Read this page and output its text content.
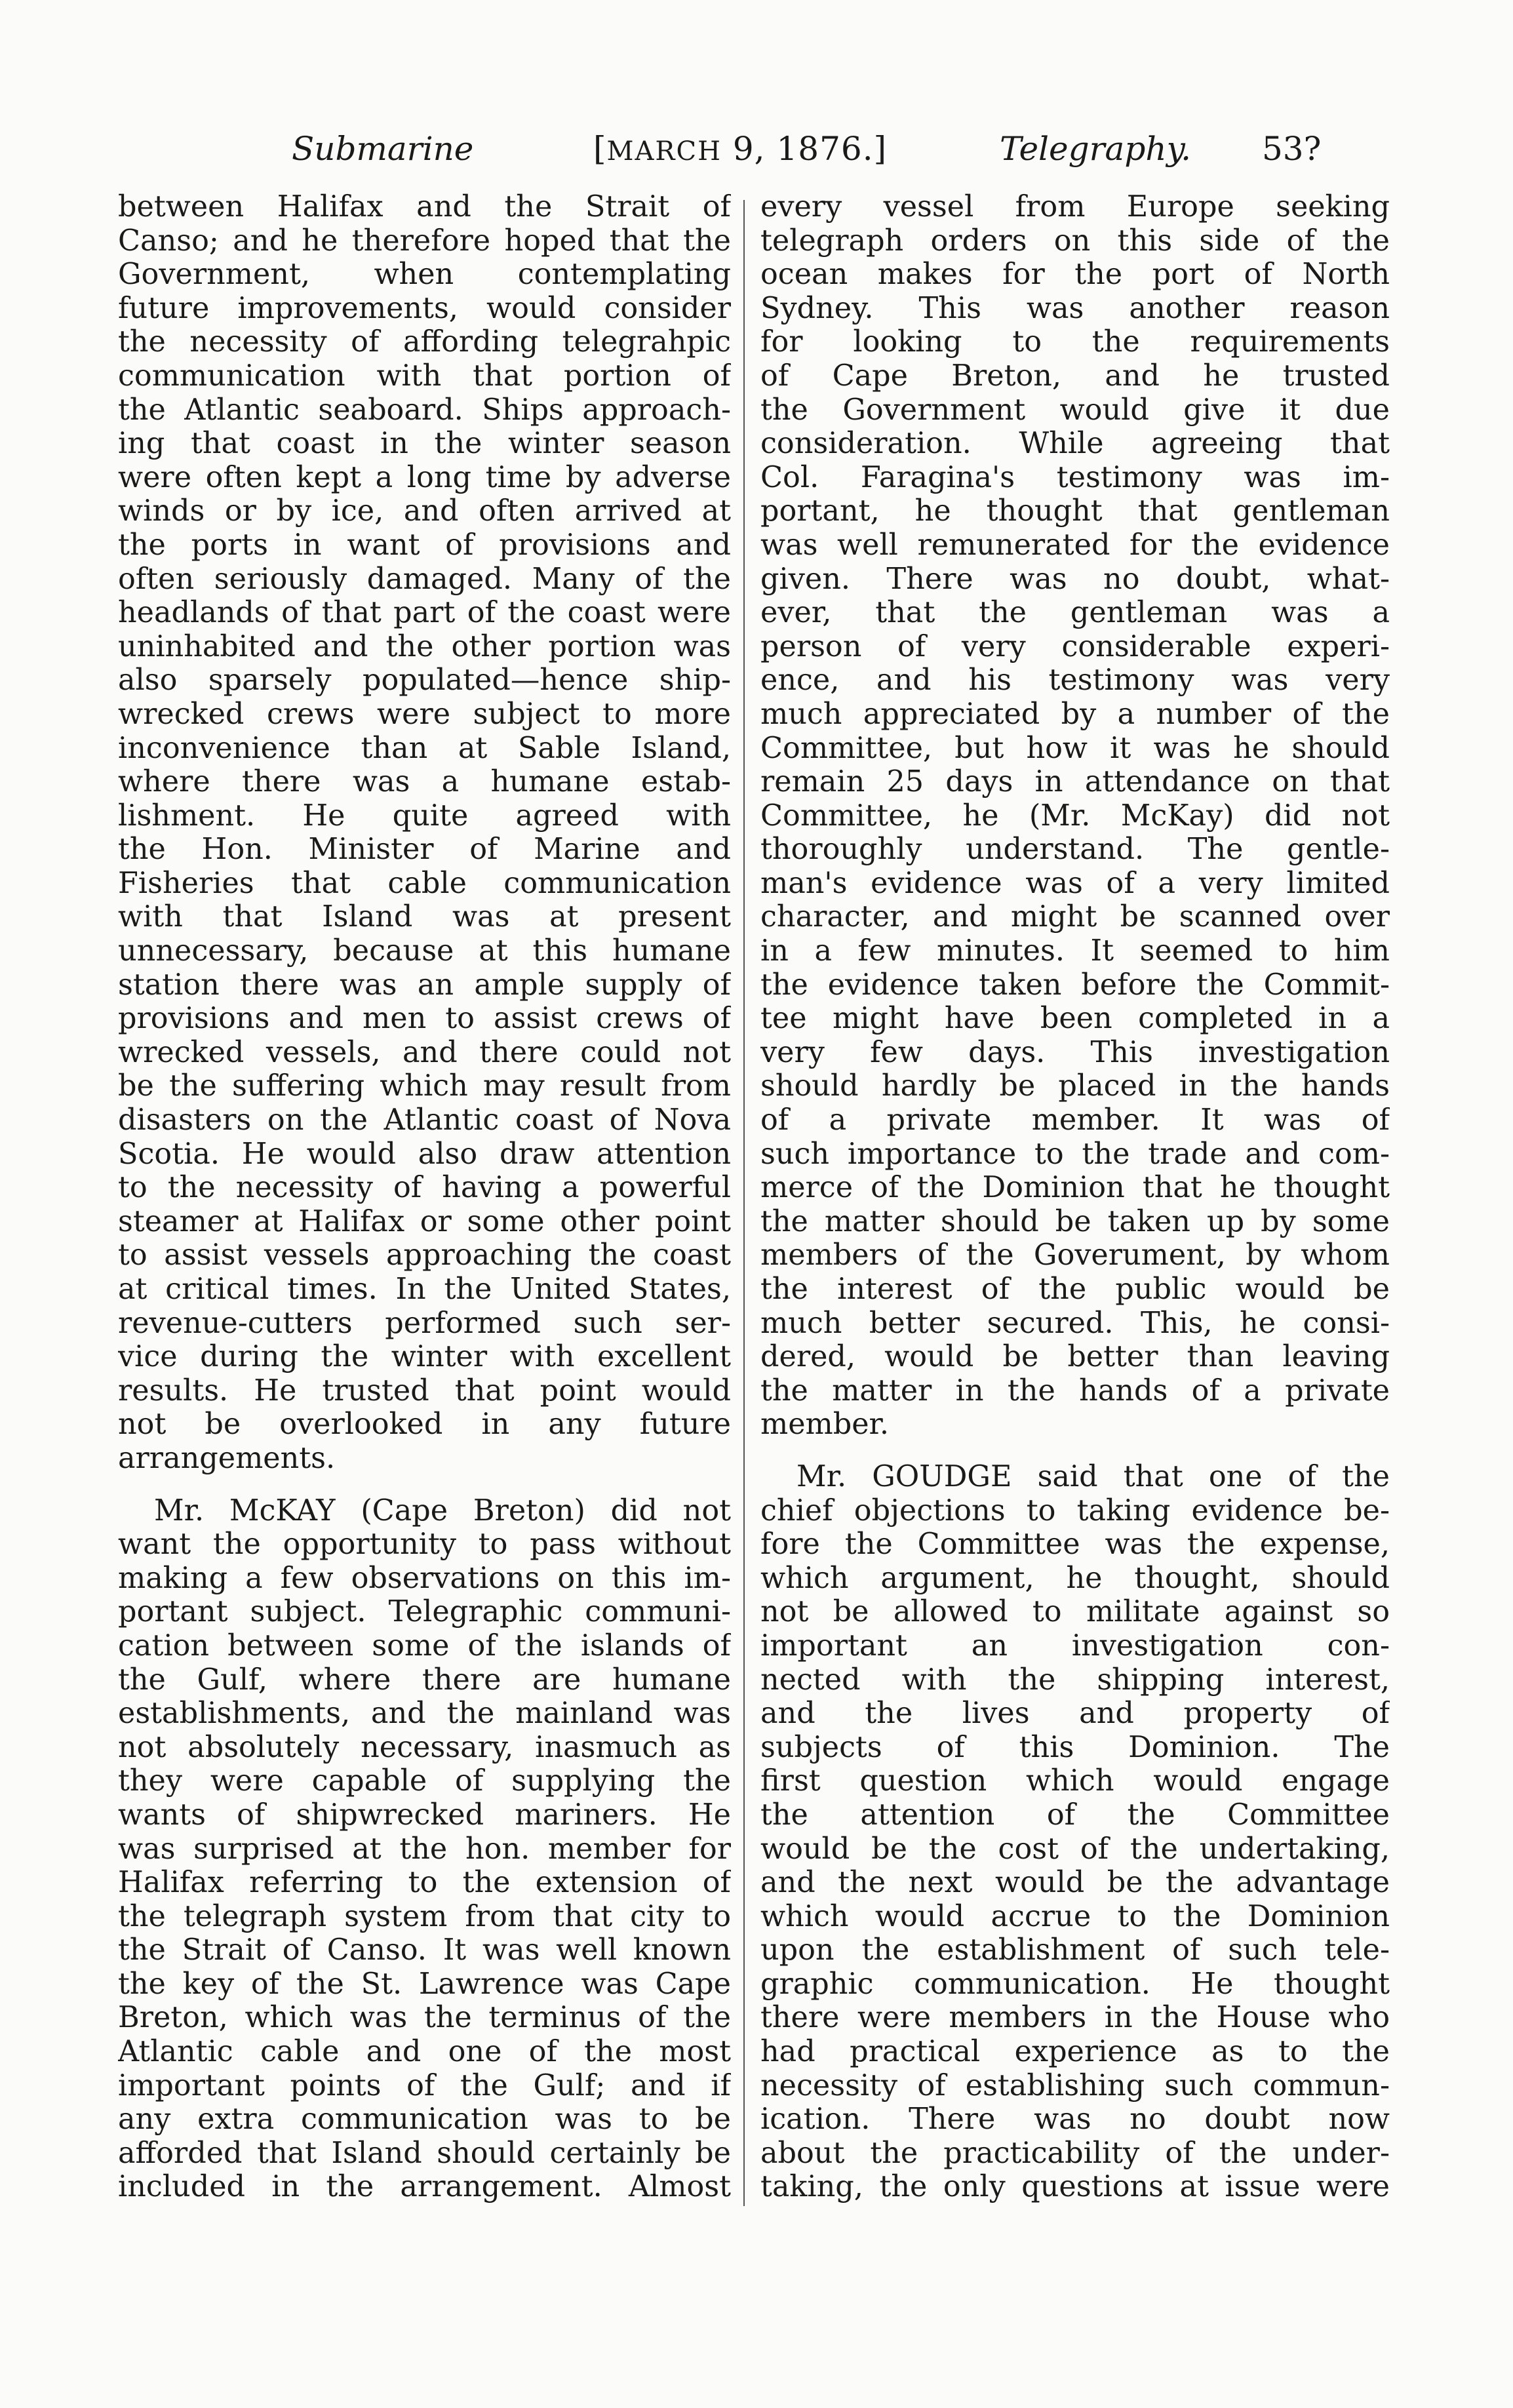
Submarine	[MARCH 9, 1876.]	Telegraphy. 53?
between Halifax and the Strait of
Canso; and he therefore hoped that the
Government, when contemplating
future improvements, would consider
the necessity of affording telegrahpic
communication with that portion of
the Atlantic seaboard. Ships approach-
ing that coast in the winter season
were often kept a long time by adverse
winds or by ice, and often arrived at
the ports in want of provisions and
often seriously damaged. Many of the
headlands of that part of the coast were
uninhabited and the other portion was
also sparsely populated—hence ship-
wrecked crews were subject to more
inconvenience than at Sable Island,
where there was a humane estab-
lishment. He quite agreed with
the Hon. Minister of Marine and
Fisheries that cable communication
with that Island was at present
unnecessary, because at this humane
station there was an ample supply of
provisions and men to assist crews of
wrecked vessels, and there could not
be the suffering which may result from
disasters on the Atlantic coast of Nova
Scotia. He would also draw attention
to the necessity of having a powerful
steamer at Halifax or some other point
to assist vessels approaching the coast
at critical times. In the United States,
revenue-cutters performed such ser-
vice during the winter with excellent
results. He trusted that point would
not be overlooked in any future
arrangements.
Mr. McKAY (Cape Breton) did not
want the opportunity to pass without
making a few observations on this im-
portant subject. Telegraphic communi-
cation between some of the islands of
the Gulf, where there are humane
establishments, and the mainland was
not absolutely necessary, inasmuch as
they were capable of supplying the
wants of shipwrecked mariners. He
was surprised at the hon. member for
Halifax referring to the extension of
the telegraph system from that city to
the Strait of Canso. It was well known
the key of the St. Lawrence was Cape
Breton, which was the terminus of the
Atlantic cable and one of the most
important points of the Gulf; and if
any extra communication was to be
afforded that Island should certainly be
included in the arrangement. Almost
every vessel from Europe seeking
telegraph orders on this side of the
ocean makes for the port of North
Sydney. This was another reason
for looking to the requirements
of Cape Breton, and he trusted
the Government would give it due
consideration. While agreeing that
Col. Faragina's testimony was im-
portant, he thought that gentleman
was well remunerated for the evidence
given. There was no doubt, what-
ever, that the gentleman was a
person of very considerable experi-
ence, and his testimony was very
much appreciated by a number of the
Committee, but how it was he should
remain 25 days in attendance on that
Committee, he (Mr. McKay) did not
thoroughly understand. The gentle-
man's evidence was of a very limited
character, and might be scanned over
in a few minutes. It seemed to him
the evidence taken before the Commit-
tee might have been completed in a
very few days. This investigation
should hardly be placed in the hands
of a private member. It was of
such importance to the trade and com-
merce of the Dominion that he thought
the matter should be taken up by some
members of the Goverument, by whom
the interest of the public would be
much better secured. This, he consi-
dered, would be better than leaving
the matter in the hands of a private
member.
Mr. GOUDGE said that one of the
chief objections to taking evidence be-
fore the Committee was the expense,
which argument, he thought, should
not be allowed to militate against so
important an investigation con-
nected with the shipping interest,
and the lives and property of
subjects of this Dominion. The
first question which would engage
the attention of the Committee
would be the cost of the undertaking,
and the next would be the advantage
which would accrue to the Dominion
upon the establishment of such tele-
graphic communication. He thought
there were members in the House who
had practical experience as to the
necessity of establishing such commun-
ication. There was no doubt now
about the practicability of the under-
taking, the only questions at issue were
